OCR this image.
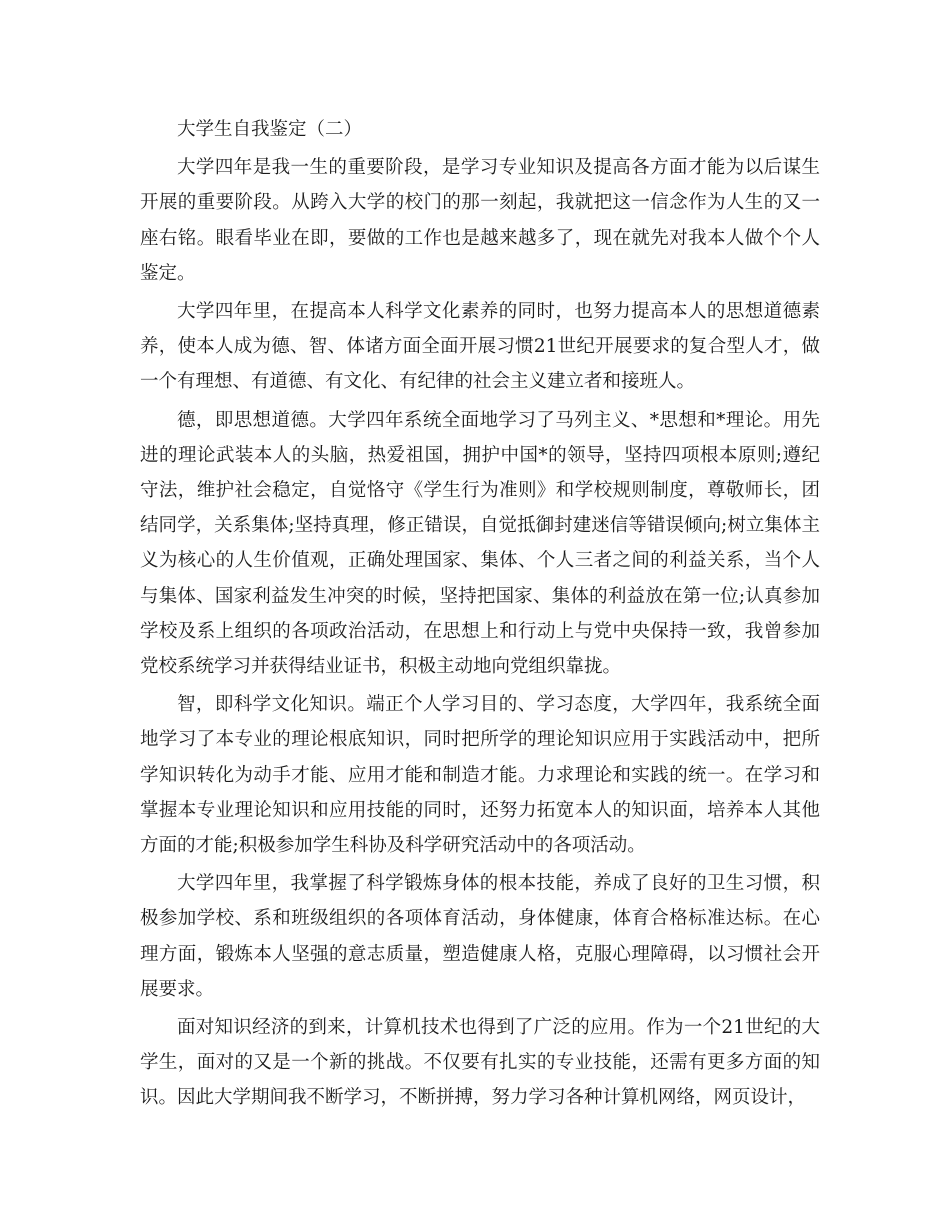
大学生自我鉴定（二）

大学四年是我一生的重要阶段，是学习专业知识及提高各方面才能为以后谋生开展的重要阶段。从跨入大学的校门的那一刻起，我就把这一信念作为人生的又一座右铭。眼看毕业在即，要做的工作也是越来越多了，现在就先对我本人做个个人鉴定。

大学四年里，在提高本人科学文化素养的同时，也努力提高本人的思想道德素养，使本人成为德、智、体诸方面全面开展习惯21世纪开展要求的复合型人才，做一个有理想、有道德、有文化、有纪律的社会主义建立者和接班人。

德，即思想道德。大学四年系统全面地学习了马列主义、*思想和*理论。用先进的理论武装本人的头脑，热爱祖国，拥护中国*的领导，坚持四项根本原则;遵纪守法，维护社会稳定，自觉恪守《学生行为准则》和学校规则制度，尊敬师长，团结同学，关系集体;坚持真理，修正错误，自觉抵御封建迷信等错误倾向;树立集体主义为核心的人生价值观，正确处理国家、集体、个人三者之间的利益关系，当个人与集体、国家利益发生冲突的时候，坚持把国家、集体的利益放在第一位;认真参加学校及系上组织的各项政治活动，在思想上和行动上与党中央保持一致，我曾参加党校系统学习并获得结业证书，积极主动地向党组织靠拢。

智，即科学文化知识。端正个人学习目的、学习态度，大学四年，我系统全面地学习了本专业的理论根底知识，同时把所学的理论知识应用于实践活动中，把所学知识转化为动手才能、应用才能和制造才能。力求理论和实践的统一。在学习和掌握本专业理论知识和应用技能的同时，还努力拓宽本人的知识面，培养本人其他方面的才能;积极参加学生科协及科学研究活动中的各项活动。

大学四年里，我掌握了科学锻炼身体的根本技能，养成了良好的卫生习惯，积极参加学校、系和班级组织的各项体育活动，身体健康，体育合格标准达标。在心理方面，锻炼本人坚强的意志质量，塑造健康人格，克服心理障碍，以习惯社会开展要求。

面对知识经济的到来，计算机技术也得到了广泛的应用。作为一个21世纪的大学生，面对的又是一个新的挑战。不仅要有扎实的专业技能，还需有更多方面的知识。因此大学期间我不断学习，不断拼搏，努力学习各种计算机网络，网页设计，
